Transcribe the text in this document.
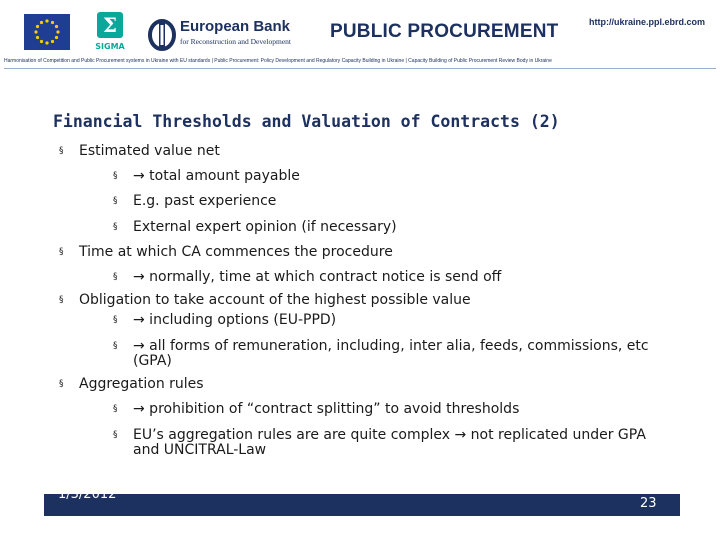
Σ
SIGMA
European Bank
for Reconstruction and Development PUBLIC PROCUREMENT	http://ukraine.ppl.ebrd.com
Harmonisation of Competition and Public Procurement systems in Ukraine with EU standards | Public Procurement: Policy Development and Regulatory Capacity Building in Ukraine | Capacity Building of Public Procurement Review Body in Ukraine
Financial Thresholds and Valuation of Contracts (2)
§ Estimated value net
§ → total amount payable
§ E.g. past experience
§ External expert opinion (if necessary)
§ Time at which CA commences the procedure
§ → normally, time at which contract notice is send off
§ Obligation to take account of the highest possible value
§ → including options (EU-PPD)
§ → all forms of remuneration, including, inter alia, feeds, commissions, etc (GPA)
§ Aggregation rules
§ → prohibition of “contract splitting” to avoid thresholds
§ EU’s aggregation rules are are quite complex → not replicated under GPA and UNCITRAL-Law
1/3/2012
23
